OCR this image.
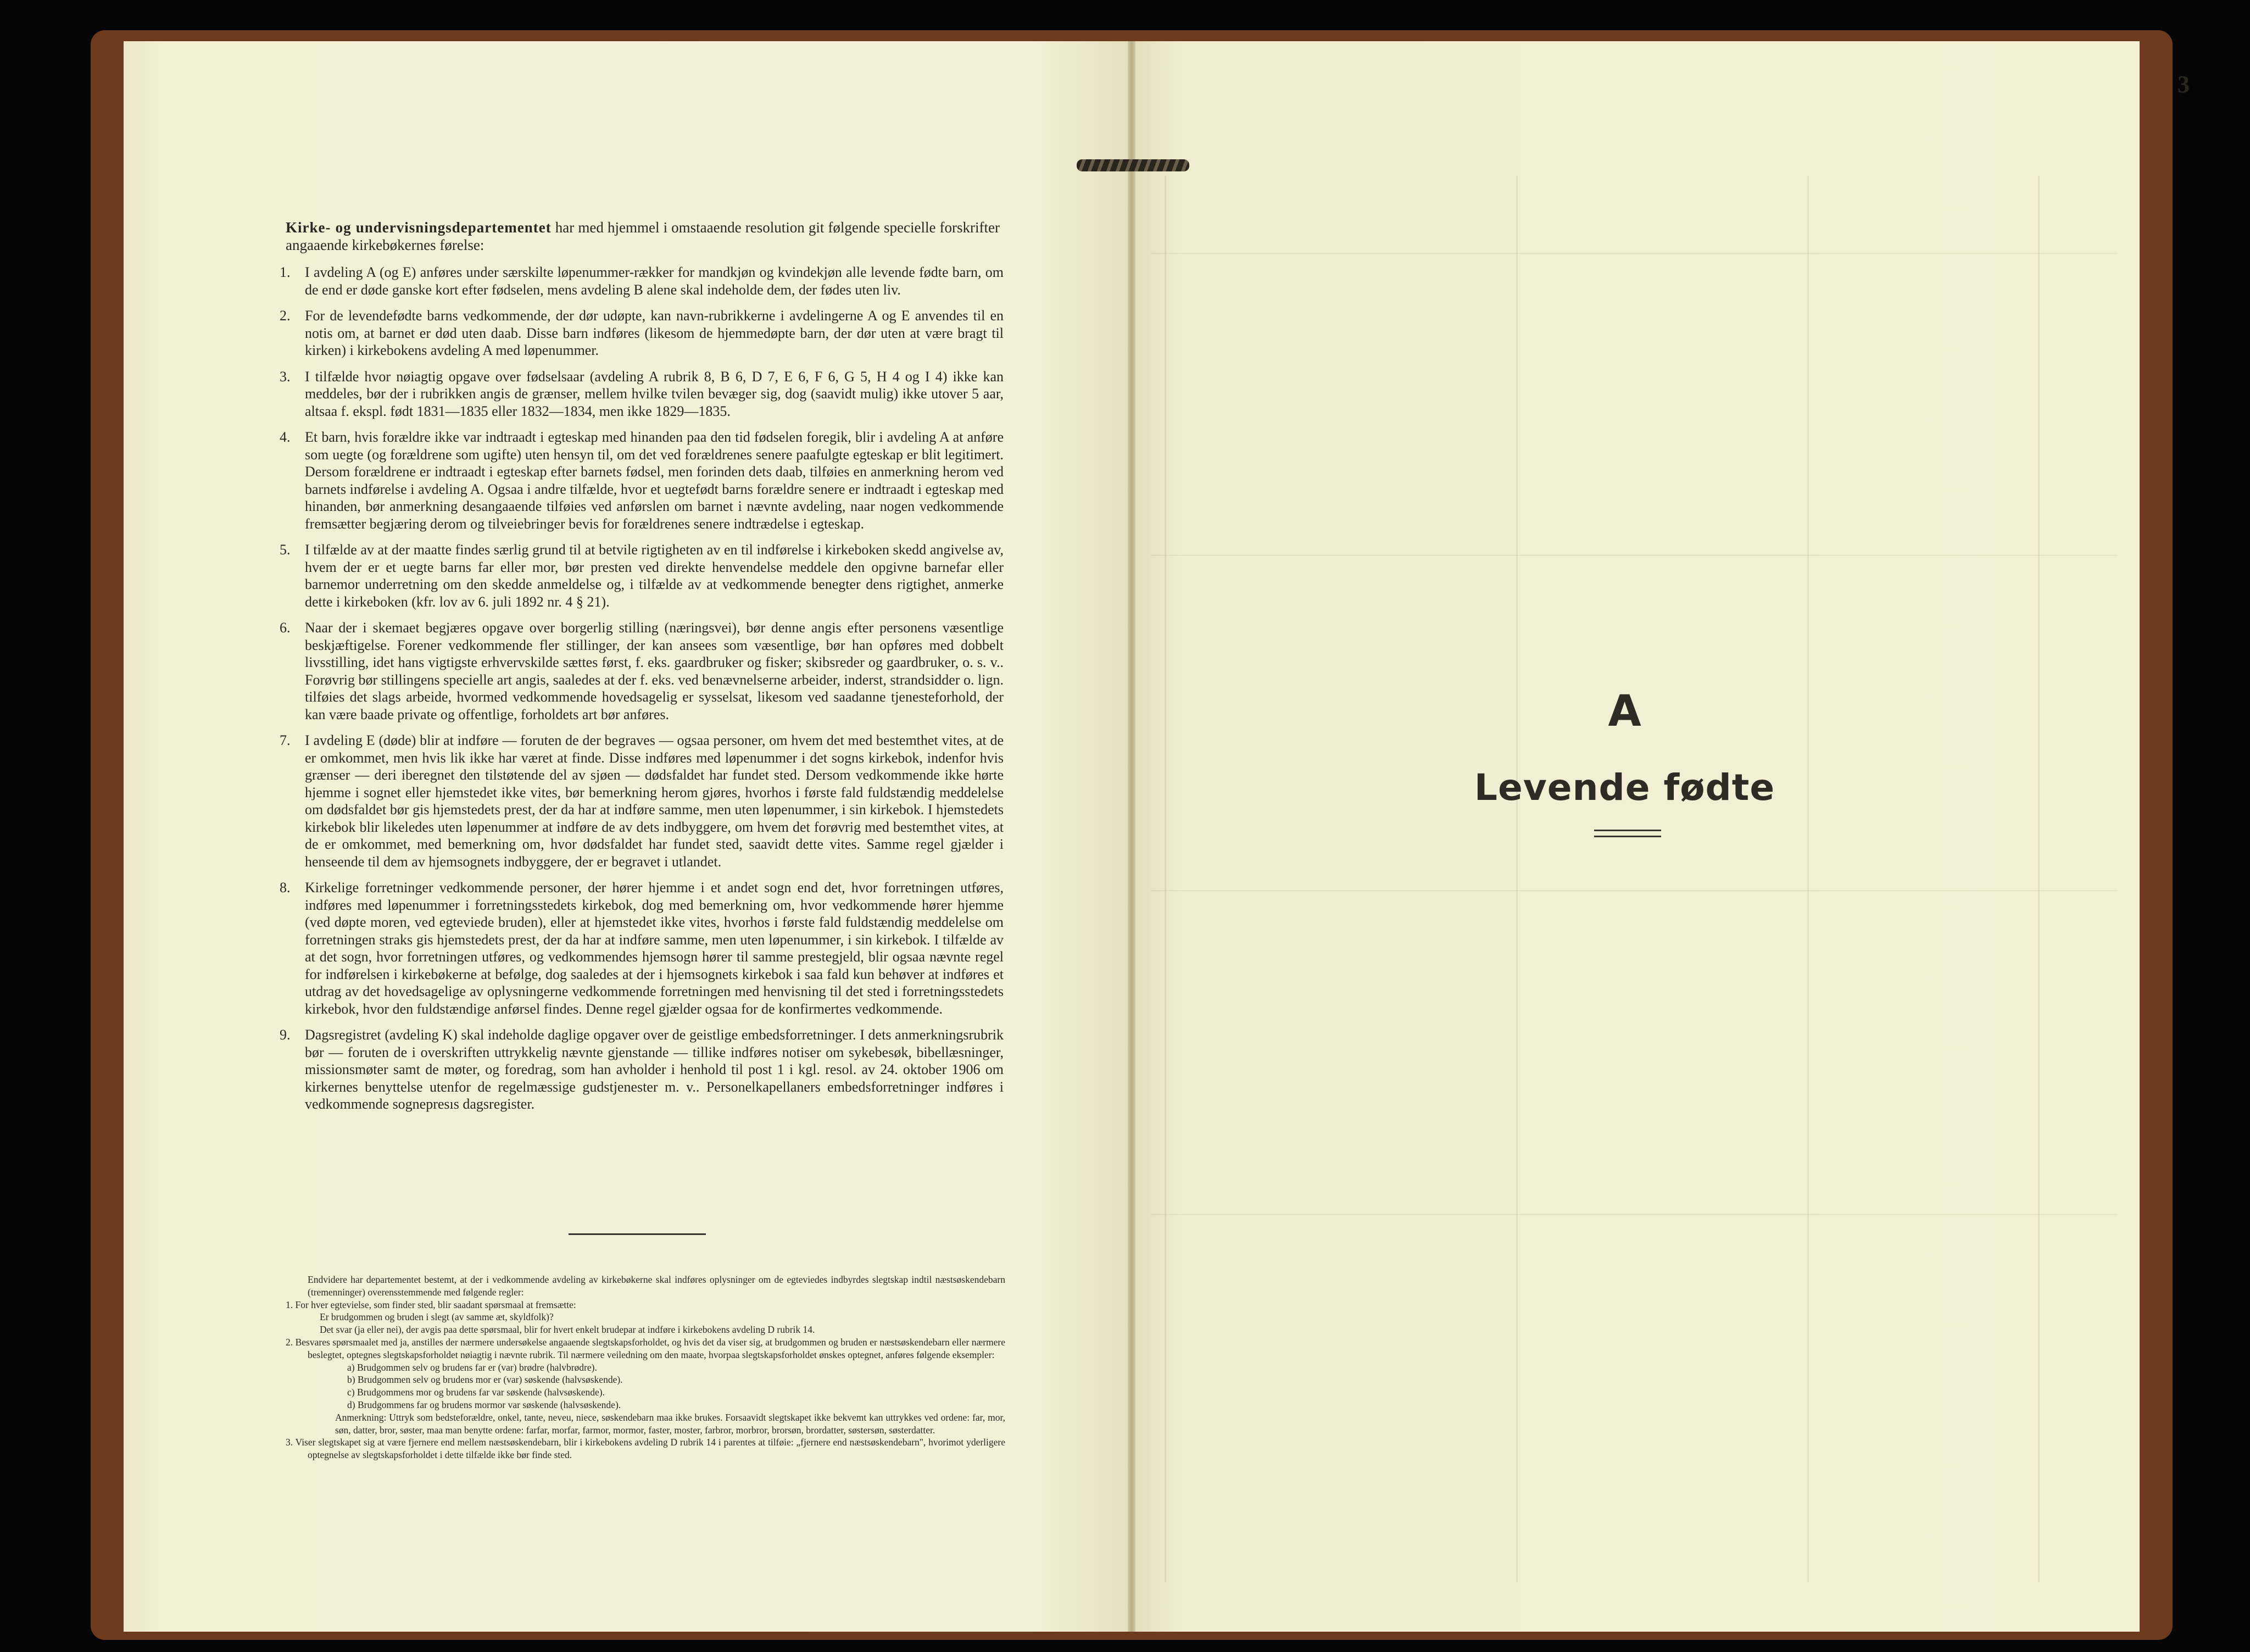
3
A
Levende fødte
Kirke- og undervisningsdepartementet har med hjemmel i omstaaende resolution git følgende specielle forskrifter angaaende kirkebøkernes førelse:
1. I avdeling A (og E) anføres under særskilte løpenummer-rækker for mandkjøn og kvindekjøn alle levende fødte barn, om de end er døde ganske kort efter fødselen, mens avdeling B alene skal indeholde dem, der fødes uten liv.
2. For de levendefødte barns vedkommende, der dør udøpte, kan navn-rubrikkerne i avdelingerne A og E anvendes til en notis om, at barnet er død uten daab. Disse barn indføres (likesom de hjemmedøpte barn, der dør uten at være bragt til kirken) i kirkebokens avdeling A med løpenummer.
3. I tilfælde hvor nøiagtig opgave over fødselsaar (avdeling A rubrik 8, B 6, D 7, E 6, F 6, G 5, H 4 og I 4) ikke kan meddeles, bør der i rubrikken angis de grænser, mellem hvilke tvilen bevæger sig, dog (saavidt mulig) ikke utover 5 aar, altsaa f. ekspl. født 1831—1835 eller 1832—1834, men ikke 1829—1835.
4. Et barn, hvis forældre ikke var indtraadt i egteskap med hinanden paa den tid fødselen foregik, blir i avdeling A at anføre som uegte (og forældrene som ugifte) uten hensyn til, om det ved forældrenes senere paafulgte egteskap er blit legitimert. Dersom forældrene er indtraadt i egteskap efter barnets fødsel, men forinden dets daab, tilføies en anmerkning herom ved barnets indførelse i avdeling A. Ogsaa i andre tilfælde, hvor et uegtefødt barns forældre senere er indtraadt i egteskap med hinanden, bør anmerkning desangaaende tilføies ved anførslen om barnet i nævnte avdeling, naar nogen vedkommende fremsætter begjæring derom og tilveiebringer bevis for forældrenes senere indtrædelse i egteskap.
5. I tilfælde av at der maatte findes særlig grund til at betvile rigtigheten av en til indførelse i kirkeboken skedd angivelse av, hvem der er et uegte barns far eller mor, bør presten ved direkte henvendelse meddele den opgivne barnefar eller barnemor underretning om den skedde anmeldelse og, i tilfælde av at vedkommende benegter dens rigtighet, anmerke dette i kirkeboken (kfr. lov av 6. juli 1892 nr. 4 § 21).
6. Naar der i skemaet begjæres opgave over borgerlig stilling (næringsvei), bør denne angis efter personens væsentlige beskjæftigelse. Forener vedkommende fler stillinger, der kan ansees som væsentlige, bør han opføres med dobbelt livsstilling, idet hans vigtigste erhvervskilde sættes først, f. eks. gaardbruker og fisker; skibsreder og gaardbruker, o. s. v.. Forøvrig bør stillingens specielle art angis, saaledes at der f. eks. ved benævnelserne arbeider, inderst, strandsidder o. lign. tilføies det slags arbeide, hvormed vedkommende hovedsagelig er sysselsat, likesom ved saadanne tjenesteforhold, der kan være baade private og offentlige, forholdets art bør anføres.
7. I avdeling E (døde) blir at indføre — foruten de der begraves — ogsaa personer, om hvem det med bestemthet vites, at de er omkommet, men hvis lik ikke har været at finde. Disse indføres med løpenummer i det sogns kirkebok, indenfor hvis grænser — deri iberegnet den tilstøtende del av sjøen — dødsfaldet har fundet sted. Dersom vedkommende ikke hørte hjemme i sognet eller hjemstedet ikke vites, bør bemerkning herom gjøres, hvorhos i første fald fuldstændig meddelelse om dødsfaldet bør gis hjemstedets prest, der da har at indføre samme, men uten løpenummer, i sin kirkebok. I hjemstedets kirkebok blir likeledes uten løpenummer at indføre de av dets indbyggere, om hvem det forøvrig med bestemthet vites, at de er omkommet, med bemerkning om, hvor dødsfaldet har fundet sted, saavidt dette vites. Samme regel gjælder i henseende til dem av hjemsognets indbyggere, der er begravet i utlandet.
8. Kirkelige forretninger vedkommende personer, der hører hjemme i et andet sogn end det, hvor forretningen utføres, indføres med løpenummer i forretningsstedets kirkebok, dog med bemerkning om, hvor vedkommende hører hjemme (ved døpte moren, ved egteviede bruden), eller at hjemstedet ikke vites, hvorhos i første fald fuldstændig meddelelse om forretningen straks gis hjemstedets prest, der da har at indføre samme, men uten løpenummer, i sin kirkebok. I tilfælde av at det sogn, hvor forretningen utføres, og vedkommendes hjemsogn hører til samme prestegjeld, blir ogsaa nævnte regel for indførelsen i kirkebøkerne at befølge, dog saaledes at der i hjemsognets kirkebok i saa fald kun behøver at indføres et utdrag av det hovedsagelige av oplysningerne vedkommende forretningen med henvisning til det sted i forretningsstedets kirkebok, hvor den fuldstændige anførsel findes. Denne regel gjælder ogsaa for de konfirmertes vedkommende.
9. Dagsregistret (avdeling K) skal indeholde daglige opgaver over de geistlige embedsforretninger. I dets anmerkningsrubrik bør — foruten de i overskriften uttrykkelig nævnte gjenstande — tillike indføres notiser om sykebesøk, bibellæsninger, missionsmøter samt de møter, og foredrag, som han avholder i henhold til post 1 i kgl. resol. av 24. oktober 1906 om kirkernes benyttelse utenfor de regelmæssige gudstjenester m. v.. Personelkapellaners embedsforretninger indføres i vedkommende sognepresıs dagsregister.

Endvidere har departementet bestemt, at der i vedkommende avdeling av kirkebøkerne skal indføres oplysninger om de egteviedes indbyrdes slegtskap indtil næstsøskendebarn (tremenninger) overensstemmende med følgende regler:

1. For hver egtevielse, som finder sted, blir saadant spørsmaal at fremsætte:

Er brudgommen og bruden i slegt (av samme æt, skyldfolk)?

Det svar (ja eller nei), der avgis paa dette spørsmaal, blir for hvert enkelt brudepar at indføre i kirkebokens avdeling D rubrik 14.

2. Besvares spørsmaalet med ja, anstilles der nærmere undersøkelse angaaende slegtskapsforholdet, og hvis det da viser sig, at brudgommen og bruden er næstsøskendebarn eller nærmere beslegtet, optegnes slegtskapsforholdet nøiagtig i nævnte rubrik. Til nærmere veiledning om den maate, hvorpaa slegtskapsforholdet ønskes optegnet, anføres følgende eksempler:

a) Brudgommen selv og brudens far er (var) brødre (halvbrødre).

b) Brudgommen selv og brudens mor er (var) søskende (halvsøskende).

c) Brudgommens mor og brudens far var søskende (halvsøskende).

d) Brudgommens far og brudens mormor var søskende (halvsøskende).

Anmerkning: Uttryk som bedsteforældre, onkel, tante, neveu, niece, søskendebarn maa ikke brukes. Forsaavidt slegtskapet ikke bekvemt kan uttrykkes ved ordene: far, mor, søn, datter, bror, søster, maa man benytte ordene: farfar, morfar, farmor, mormor, faster, moster, farbror, morbror, brorsøn, brordatter, søstersøn, søsterdatter.

3. Viser slegtskapet sig at være fjernere end mellem næstsøskendebarn, blir i kirkebokens avdeling D rubrik 14 i parentes at tilføie: „fjernere end næstsøskendebarn", hvorimot yderligere optegnelse av slegtskapsforholdet i dette tilfælde ikke bør finde sted.
